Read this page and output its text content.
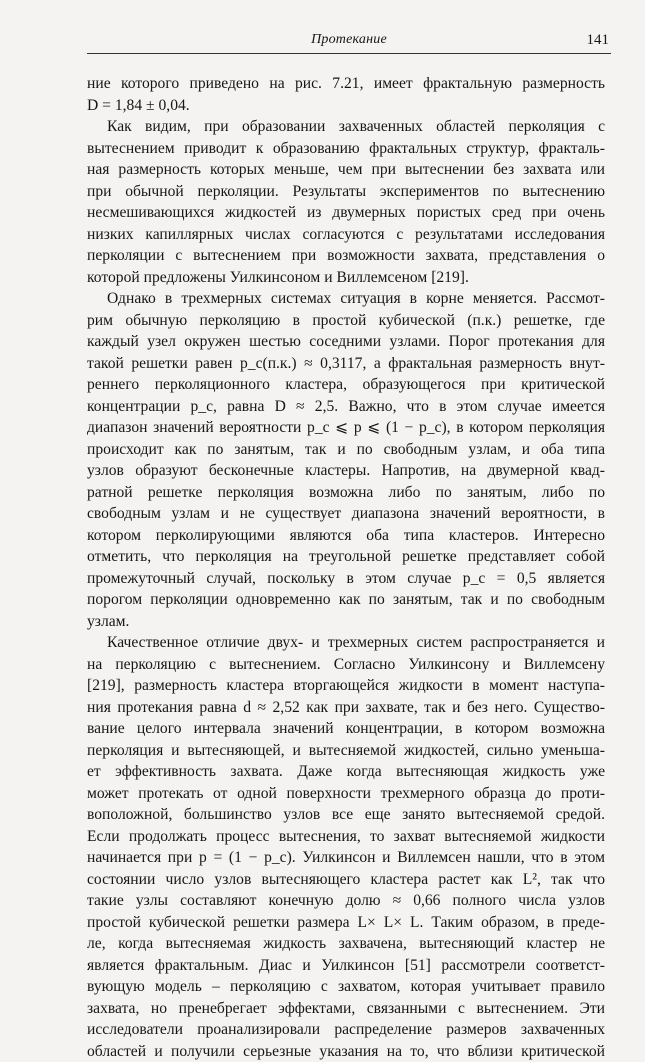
Протекание	141
ние которого приведено на рис. 7.21, имеет фрактальную размерность
D = 1,84 ± 0,04.
Как видим, при образовании захваченных областей перколяция с
вытеснением приводит к образованию фрактальных структур, фракталь-
ная размерность которых меньше, чем при вытеснении без захвата или
при обычной перколяции. Результаты экспериментов по вытеснению
несмешивающихся жидкостей из двумерных пористых сред при очень
низких капиллярных числах согласуются с результатами исследования
перколяции с вытеснением при возможности захвата, представления о
которой предложены Уилкинсоном и Виллемсеном [219].
Однако в трехмерных системах ситуация в корне меняется. Рассмот-
рим обычную перколяцию в простой кубической (п.к.) решетке, где
каждый узел окружен шестью соседними узлами. Порог протекания для
такой решетки равен p_c(п.к.) ≈ 0,3117, а фрактальная размерность внут-
реннего перколяционного кластера, образующегося при критической
концентрации p_c, равна D ≈ 2,5. Важно, что в этом случае имеется
диапазон значений вероятности p_c ⩽ p ⩽ (1 − p_c), в котором перколяция
происходит как по занятым, так и по свободным узлам, и оба типа
узлов образуют бесконечные кластеры. Напротив, на двумерной квад-
ратной решетке перколяция возможна либо по занятым, либо по
свободным узлам и не существует диапазона значений вероятности, в
котором перколирующими являются оба типа кластеров. Интересно
отметить, что перколяция на треугольной решетке представляет собой
промежуточный случай, поскольку в этом случае p_c = 0,5 является
порогом перколяции одновременно как по занятым, так и по свободным
узлам.
Качественное отличие двух- и трехмерных систем распространяется и
на перколяцию с вытеснением. Согласно Уилкинсону и Виллемсену
[219], размерность кластера вторгающейся жидкости в момент наступа-
ния протекания равна d ≈ 2,52 как при захвате, так и без него. Существо-
вание целого интервала значений концентрации, в котором возможна
перколяция и вытесняющей, и вытесняемой жидкостей, сильно уменьша-
ет эффективность захвата. Даже когда вытесняющая жидкость уже
может протекать от одной поверхности трехмерного образца до проти-
воположной, большинство узлов все еще занято вытесняемой средой.
Если продолжать процесс вытеснения, то захват вытесняемой жидкости
начинается при p = (1 − p_c). Уилкинсон и Виллемсен нашли, что в этом
состоянии число узлов вытесняющего кластера растет как L², так что
такие узлы составляют конечную долю ≈ 0,66 полного числа узлов
простой кубической решетки размера L× L× L. Таким образом, в преде-
ле, когда вытесняемая жидкость захвачена, вытесняющий кластер не
является фрактальным. Диас и Уилкинсон [51] рассмотрели соответст-
вующую модель – перколяцию с захватом, которая учитывает правило
захвата, но пренебрегает эффектами, связанными с вытеснением. Эти
исследователи проанализировали распределение размеров захваченных
областей и получили серьезные указания на то, что вблизи критической
